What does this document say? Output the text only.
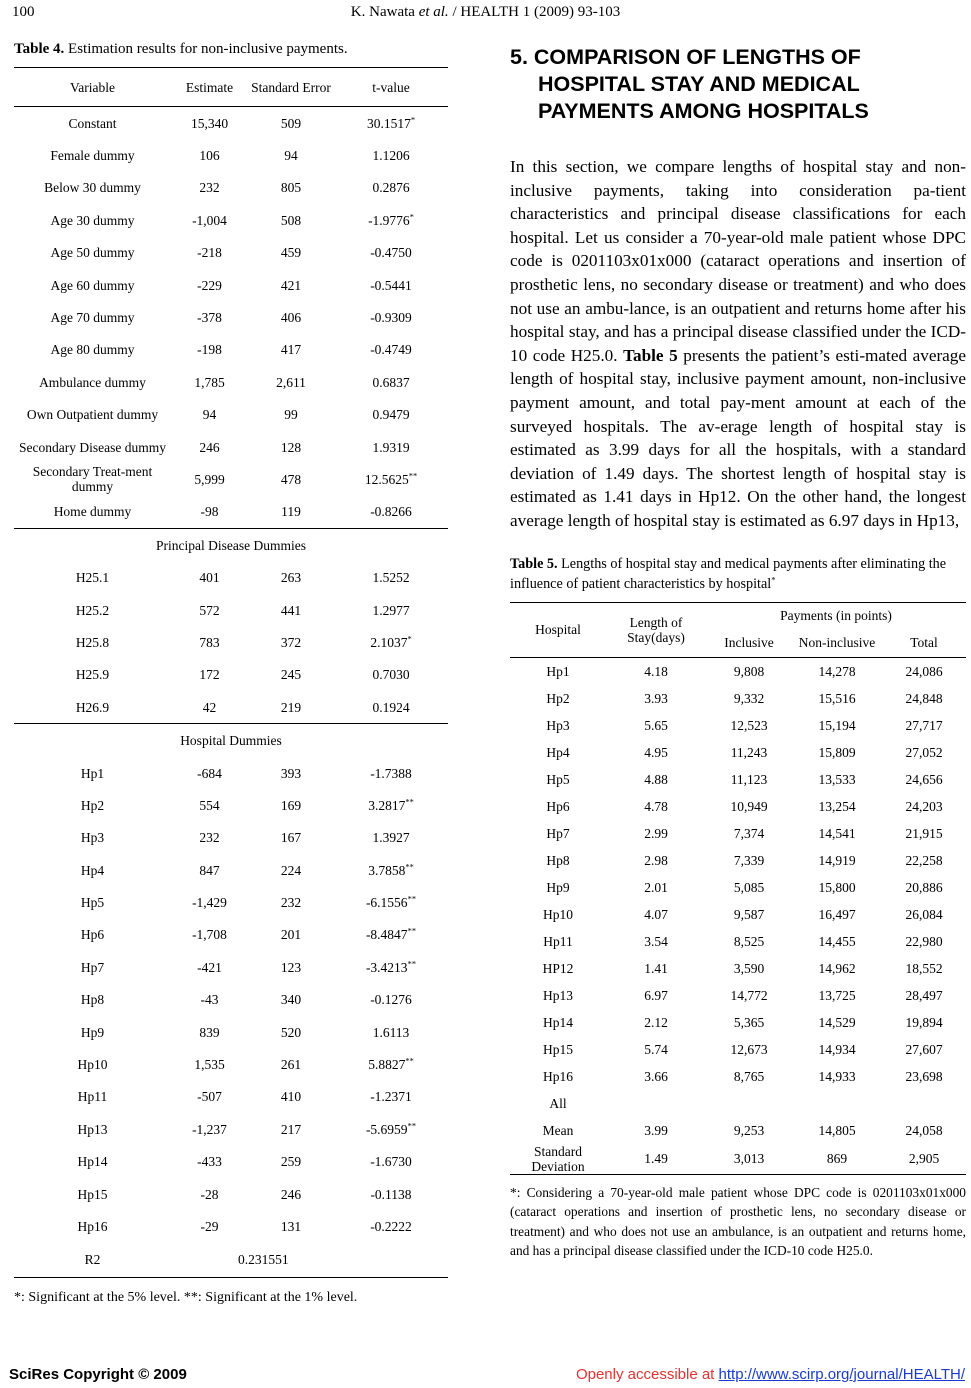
100	K. Nawata et al. / HEALTH 1 (2009) 93-103
Table 4. Estimation results for non-inclusive payments.
Variable	Estimate	Standard Error	t-value
Constant	15,340	509	30.1517*
Female dummy	106	94	1.1206
Below 30 dummy	232	805	0.2876
Age 30 dummy	-1,004	508	-1.9776*
Age 50 dummy	-218	459	-0.4750
Age 60 dummy	-229	421	-0.5441
Age 70 dummy	-378	406	-0.9309
Age 80 dummy	-198	417	-0.4749
Ambulance dummy	1,785	2,611	0.6837
Own Outpatient dummy	94	99	0.9479
Secondary Disease dummy	246	128	1.9319
Secondary Treat-ment dummy	5,999	478	12.5625**
Home dummy	-98	119	-0.8266
Principal Disease Dummies			
H25.1	401	263	1.5252
H25.2	572	441	1.2977
H25.8	783	372	2.1037*
H25.9	172	245	0.7030
H26.9	42	219	0.1924
Hospital Dummies			
Hp1	-684	393	-1.7388
Hp2	554	169	3.2817**
Hp3	232	167	1.3927
Hp4	847	224	3.7858**
Hp5	-1,429	232	-6.1556**
Hp6	-1,708	201	-8.4847**
Hp7	-421	123	-3.4213**
Hp8	-43	340	-0.1276
Hp9	839	520	1.6113
Hp10	1,535	261	5.8827**
Hp11	-507	410	-1.2371
Hp13	-1,237	217	-5.6959**
Hp14	-433	259	-1.6730
Hp15	-28	246	-0.1138
Hp16	-29	131	-0.2222
R2	0.231551		
*: Significant at the 5% level. **: Significant at the 1% level.
5. COMPARISON OF LENGTHS OF HOSPITAL STAY AND MEDICAL PAYMENTS AMONG HOSPITALS

In this section, we compare lengths of hospital stay and non-inclusive payments, taking into consideration pa-tient characteristics and principal disease classifications for each hospital. Let us consider a 70-year-old male patient whose DPC code is 0201103x01x000 (cataract operations and insertion of prosthetic lens, no secondary disease or treatment) and who does not use an ambu-lance, is an outpatient and returns home after his hospital stay, and has a principal disease classified under the ICD-10 code H25.0. Table 5 presents the patient’s esti-mated average length of hospital stay, inclusive payment amount, non-inclusive payment amount, and total pay-ment amount at each of the surveyed hospitals. The av-erage length of hospital stay is estimated as 3.99 days for all the hospitals, with a standard deviation of 1.49 days. The shortest length of hospital stay is estimated as 1.41 days in Hp12. On the other hand, the longest average length of hospital stay is estimated as 6.97 days in Hp13,

Table 5. Lengths of hospital stay and medical payments after eliminating the influence of patient characteristics by hospital*
Hospital	Length of Stay(days)	Payments (in points)		
		Inclusive	Non-inclusive	Total
Hp1	4.18	9,808	14,278	24,086
Hp2	3.93	9,332	15,516	24,848
Hp3	5.65	12,523	15,194	27,717
Hp4	4.95	11,243	15,809	27,052
Hp5	4.88	11,123	13,533	24,656
Hp6	4.78	10,949	13,254	24,203
Hp7	2.99	7,374	14,541	21,915
Hp8	2.98	7,339	14,919	22,258
Hp9	2.01	5,085	15,800	20,886
Hp10	4.07	9,587	16,497	26,084
Hp11	3.54	8,525	14,455	22,980
HP12	1.41	3,590	14,962	18,552
Hp13	6.97	14,772	13,725	28,497
Hp14	2.12	5,365	14,529	19,894
Hp15	5.74	12,673	14,934	27,607
Hp16	3.66	8,765	14,933	23,698
All				
Mean	3.99	9,253	14,805	24,058
Standard Deviation	1.49	3,013	869	2,905
*: Considering a 70-year-old male patient whose DPC code is 0201103x01x000 (cataract operations and insertion of prosthetic lens, no secondary disease or treatment) and who does not use an ambulance, is an outpatient and returns home, and has a principal disease classified under the ICD-10 code H25.0.
SciRes Copyright © 2009	Openly accessible at http://www.scirp.org/journal/HEALTH/
